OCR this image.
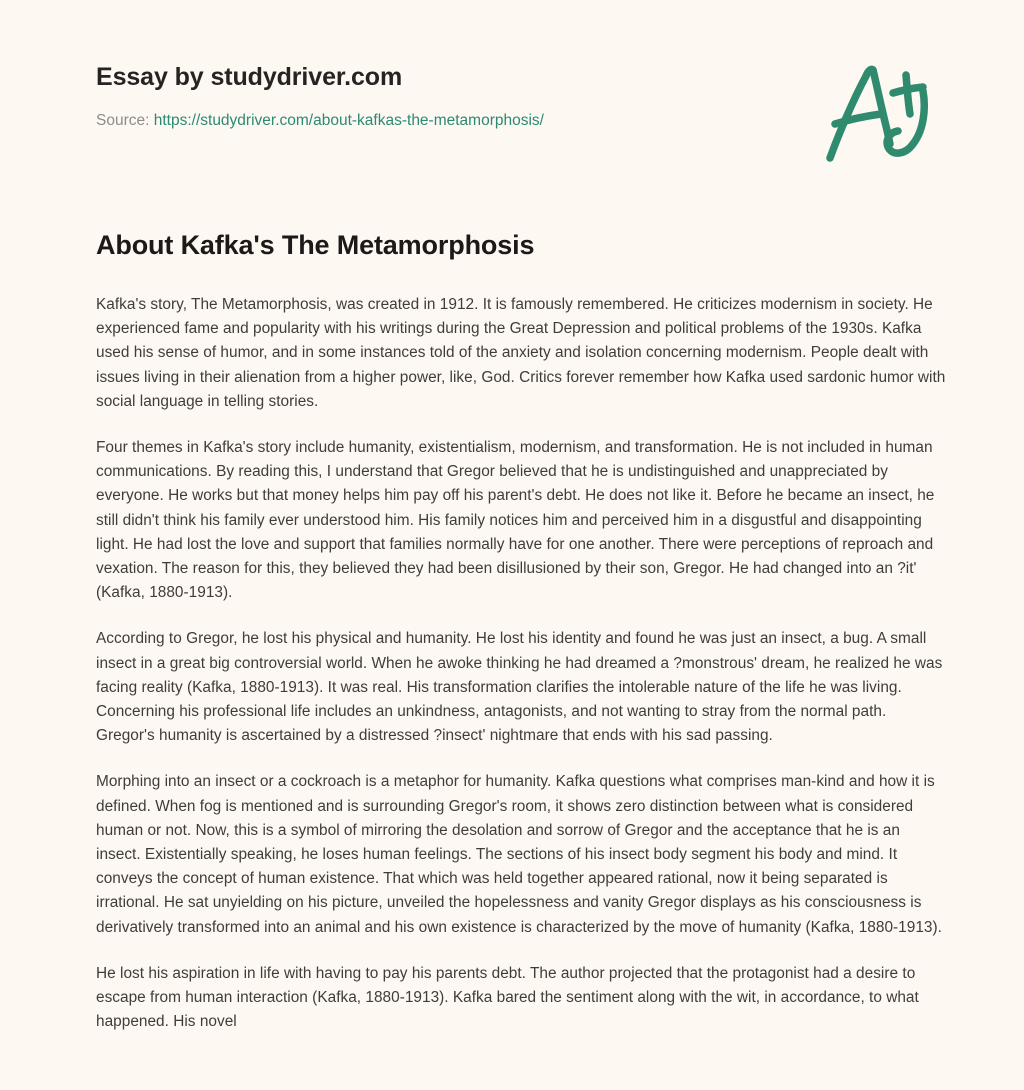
Essay by studydriver.com
Source: https://studydriver.com/about-kafkas-the-metamorphosis/
About Kafka's The Metamorphosis

Kafka's story, The Metamorphosis, was created in 1912. It is famously remembered. He criticizes modernism in society. He experienced fame and popularity with his writings during the Great Depression and political problems of the 1930s. Kafka used his sense of humor, and in some instances told of the anxiety and isolation concerning modernism. People dealt with issues living in their alienation from a higher power, like, God. Critics forever remember how Kafka used sardonic humor with social language in telling stories.

Four themes in Kafka's story include humanity, existentialism, modernism, and transformation. He is not included in human communications. By reading this, I understand that Gregor believed that he is undistinguished and unappreciated by everyone. He works but that money helps him pay off his parent's debt. He does not like it. Before he became an insect, he still didn't think his family ever understood him. His family notices him and perceived him in a disgustful and disappointing light. He had lost the love and support that families normally have for one another. There were perceptions of reproach and vexation. The reason for this, they believed they had been disillusioned by their son, Gregor. He had changed into an ?it' (Kafka, 1880-1913).

According to Gregor, he lost his physical and humanity. He lost his identity and found he was just an insect, a bug. A small insect in a great big controversial world. When he awoke thinking he had dreamed a ?monstrous' dream, he realized he was facing reality (Kafka, 1880-1913). It was real. His transformation clarifies the intolerable nature of the life he was living. Concerning his professional life includes an unkindness, antagonists, and not wanting to stray from the normal path. Gregor's humanity is ascertained by a distressed ?insect' nightmare that ends with his sad passing.

Morphing into an insect or a cockroach is a metaphor for humanity. Kafka questions what comprises man-kind and how it is defined. When fog is mentioned and is surrounding Gregor's room, it shows zero distinction between what is considered human or not. Now, this is a symbol of mirroring the desolation and sorrow of Gregor and the acceptance that he is an insect. Existentially speaking, he loses human feelings. The sections of his insect body segment his body and mind. It conveys the concept of human existence. That which was held together appeared rational, now it being separated is irrational. He sat unyielding on his picture, unveiled the hopelessness and vanity Gregor displays as his consciousness is derivatively transformed into an animal and his own existence is characterized by the move of humanity (Kafka, 1880-1913).

He lost his aspiration in life with having to pay his parents debt. The author projected that the protagonist had a desire to escape from human interaction (Kafka, 1880-1913). Kafka bared the sentiment along with the wit, in accordance, to what happened. His novel
